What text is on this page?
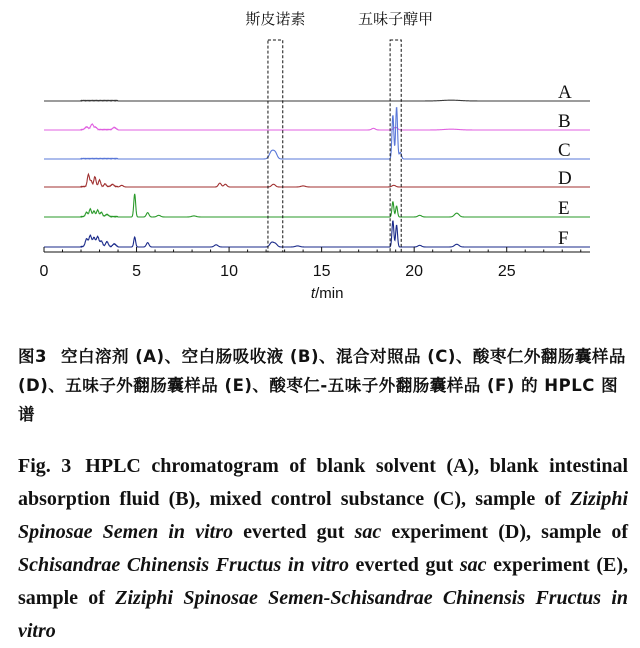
斯皮诺素	五味子醇甲
A
B
C
D
E
F
0	5	10	15	20	25
t/min
图3 空白溶剂 (A)、空白肠吸收液 (B)、混合对照品 (C)、酸枣仁外翻肠囊样品 (D)、五味子外翻肠囊样品 (E)、酸枣仁-五味子外翻肠囊样品 (F) 的 HPLC 图谱
Fig. 3 HPLC chromatogram of blank solvent (A), blank intestinal absorption fluid (B), mixed control substance (C), sample of Ziziphi Spinosae Semen in vitro everted gut sac experiment (D), sample of Schisandrae Chinensis Fructus in vitro everted gut sac experiment (E), sample of Ziziphi Spinosae Semen-Schisandrae Chinensis Fructus in vitro
